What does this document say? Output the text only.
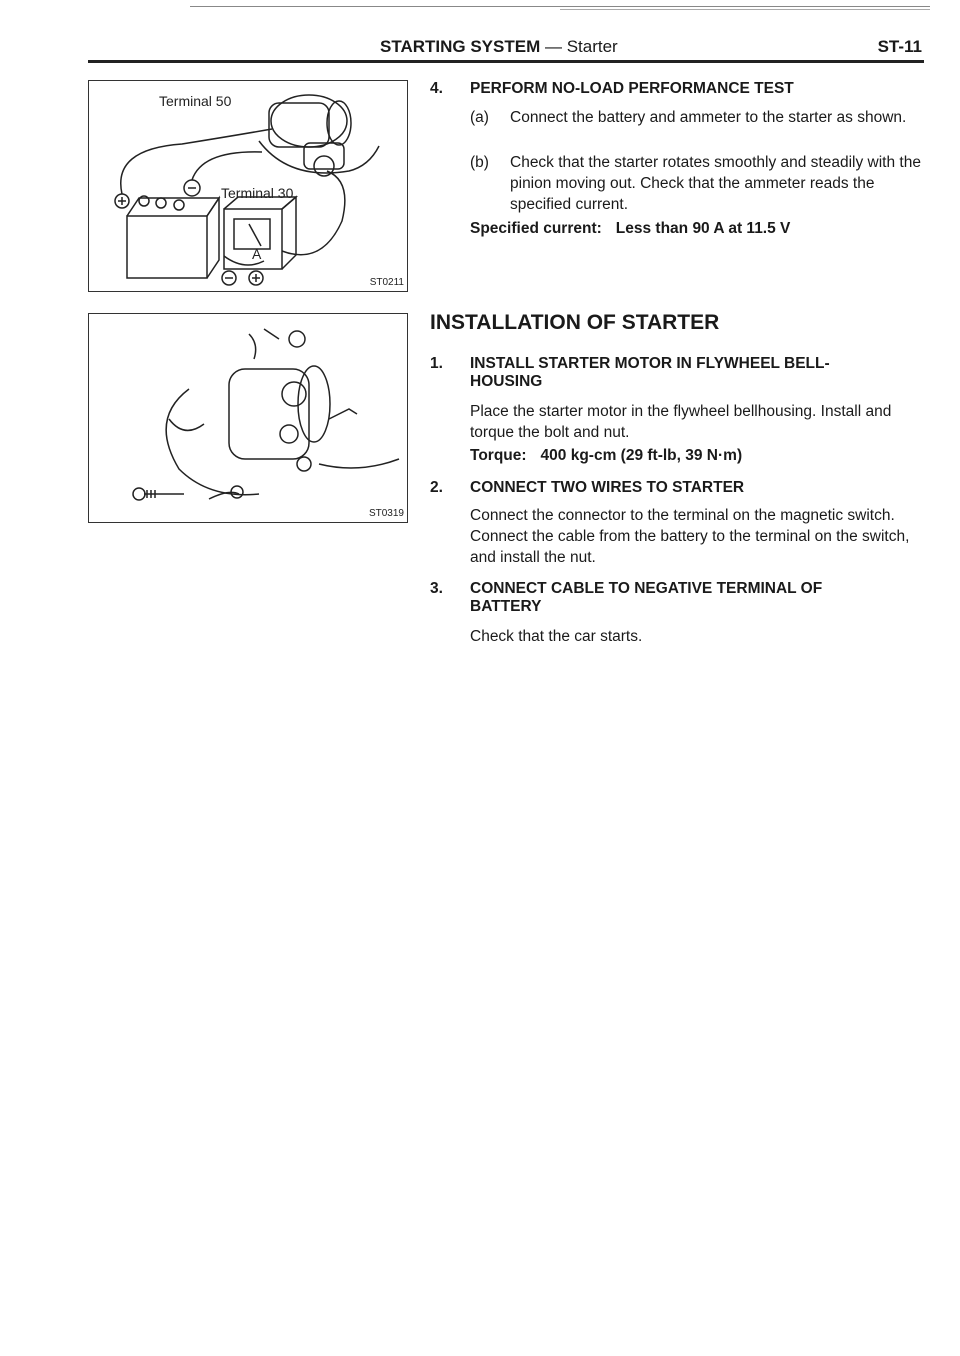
STARTING SYSTEM — Starter	ST-11
Terminal 50
Terminal 30
A
ST0211
ST0319
4. PERFORM NO-LOAD PERFORMANCE TEST
(a) Connect the battery and ammeter to the starter as shown.
(b) Check that the starter rotates smoothly and steadily with the pinion moving out. Check that the ammeter reads the specified current.
Specified current: Less than 90 A at 11.5 V
INSTALLATION OF STARTER
1. INSTALL STARTER MOTOR IN FLYWHEEL BELL-HOUSING
Place the starter motor in the flywheel bellhousing. Install and torque the bolt and nut.
Torque: 400 kg-cm (29 ft-lb, 39 N·m)
2. CONNECT TWO WIRES TO STARTER
Connect the connector to the terminal on the magnetic switch. Connect the cable from the battery to the terminal on the switch, and install the nut.
3. CONNECT CABLE TO NEGATIVE TERMINAL OF BATTERY
Check that the car starts.
